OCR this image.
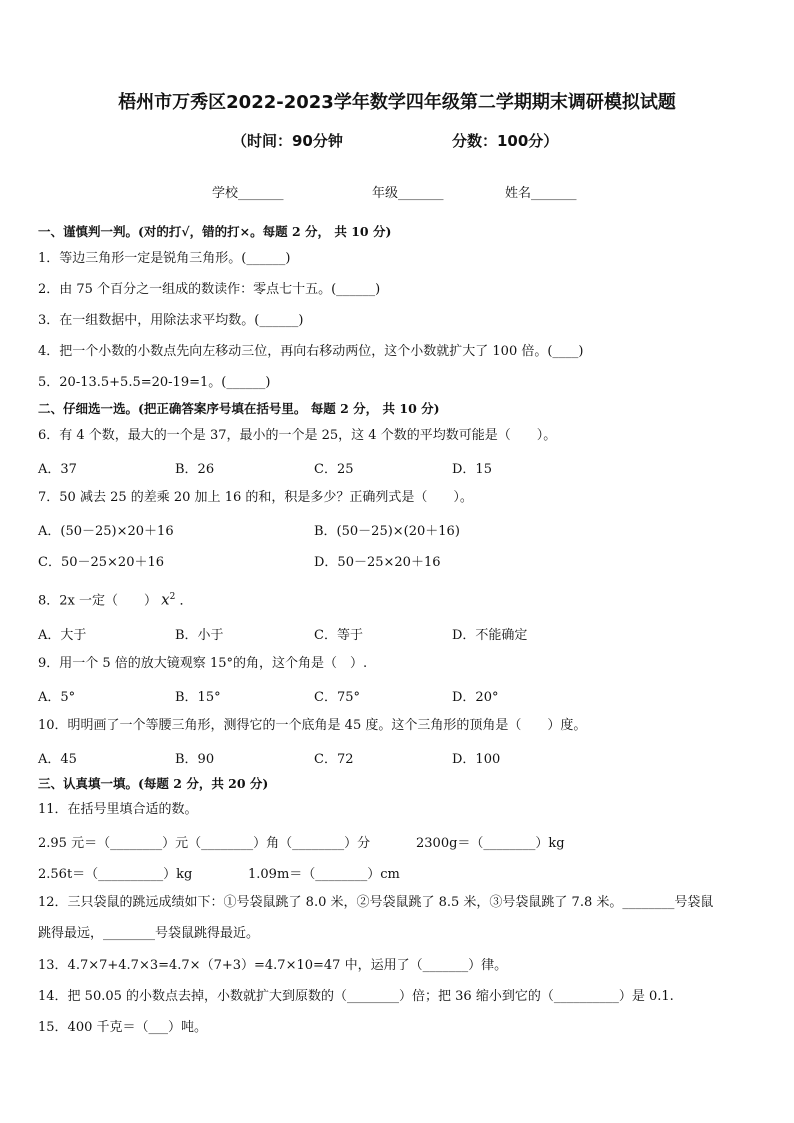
梧州市万秀区2022-2023学年数学四年级第二学期期末调研模拟试题
（时间：90分钟	分数：100分）
学校_______	年级_______	姓名_______
一、谨慎判一判。(对的打√，错的打×。每题 2 分， 共 10 分)
1．等边三角形一定是锐角三角形。(______)
2．由 75 个百分之一组成的数读作：零点七十五。(______)
3．在一组数据中，用除法求平均数。(______)
4．把一个小数的小数点先向左移动三位，再向右移动两位，这个小数就扩大了 100 倍。(____)
5．20-13.5+5.5=20-19=1。(______)
二、仔细选一选。(把正确答案序号填在括号里。 每题 2 分， 共 10 分)
6．有 4 个数，最大的一个是 37，最小的一个是 25，这 4 个数的平均数可能是（　　）。
A．37	B．26	C．25	D．15
7．50 减去 25 的差乘 20 加上 16 的和，积是多少？正确列式是（　　）。
A．(50－25)×20＋16	B．(50－25)×(20＋16)
C．50－25×20＋16	D．50－25×20＋16
8．2x 一定（　　） $x^2$ ．
A．大于	B．小于	C．等于	D．不能确定
9．用一个 5 倍的放大镜观察 15°的角，这个角是（　）.
A．5°	B．15°	C．75°	D．20°
10．明明画了一个等腰三角形，测得它的一个底角是 45 度。这个三角形的顶角是（　　）度。
A．45	B．90	C．72	D．100
三、认真填一填。(每题 2 分，共 20 分)
11．在括号里填合适的数。
2.95 元＝（________）元（________）角（________）分	2300g＝（________）kg
2.56t＝（__________）kg	1.09m＝（________）cm
12．三只袋鼠的跳远成绩如下：①号袋鼠跳了 8.0 米，②号袋鼠跳了 8.5 米，③号袋鼠跳了 7.8 米。________号袋鼠
跳得最远，________号袋鼠跳得最近。
13．4.7×7+4.7×3=4.7×（7+3）=4.7×10=47 中，运用了（_______）律。
14．把 50.05 的小数点去掉，小数就扩大到原数的（________）倍；把 36 缩小到它的（__________）是 0.1.
15．400 千克＝（___）吨。
